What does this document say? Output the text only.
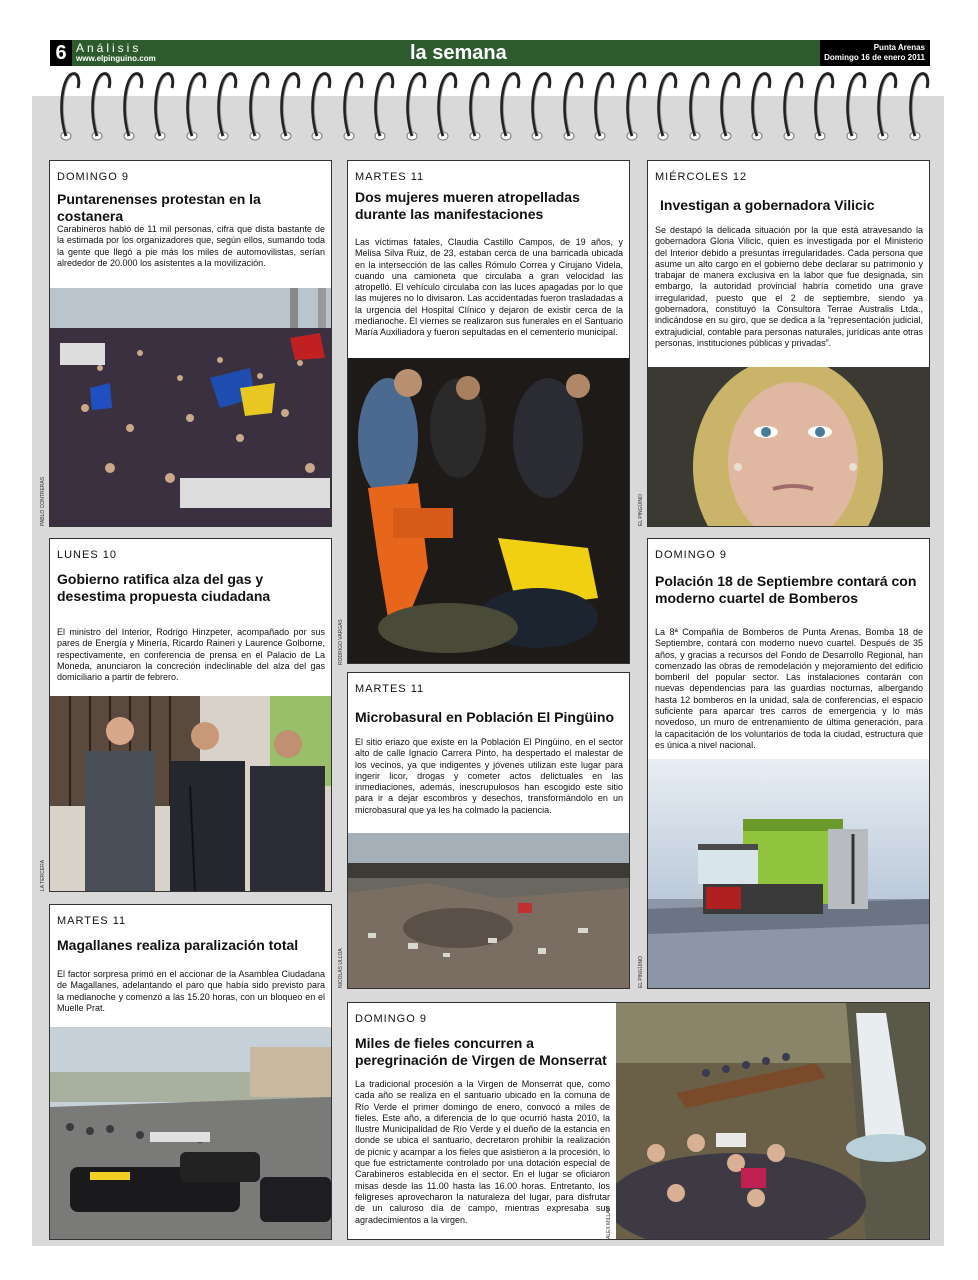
6 Análisis
www.elpinguino.com	la semana	Punta Arenas
Domingo 16 de enero 2011
DOMINGO 9
Puntarenenses protestan en la costanera
Carabineros habló de 11 mil personas, cifra que dista bastante de la estimada por los organizadores que, según ellos, sumando toda la gente que llegó a pie más los miles de automovilistas, serían alrededor de 20.000 los asistentes a la movilización.
PABLO CONTRERAS
MARTES 11
Dos mujeres mueren atropelladas durante las manifestaciones
Las víctimas fatales, Claudia Castillo Campos, de 19 años, y Melisa Silva Ruiz, de 23, estaban cerca de una barricada ubicada en la intersección de las calles Rómulo Correa y Cirujano Videla, cuando una camioneta que circulaba a gran velocidad las atropelló. El vehículo circulaba con las luces apagadas por lo que las mujeres no lo divisaron. Las accidentadas fueron trasladadas a la urgencia del Hospital Clínico y dejaron de existir cerca de la medianoche. El viernes se realizaron sus funerales en el Santuario María Auxiliadora y fueron sepultadas en el cementerio municipal.
RODRIGO VARGAS
MIÉRCOLES 12
Investigan a gobernadora Vilicic
Se destapó la delicada situación por la que está atravesando la gobernadora Gloria Vilicic, quien es investigada por el Ministerio del Interior debido a presuntas irregularidades. Cada persona que asume un alto cargo en el gobierno debe declarar su patrimonio y trabajar de manera exclusiva en la labor que fue designada, sin embargo, la autoridad provincial habría cometido una grave irregularidad, puesto que el 2 de septiembre, siendo ya gobernadora, constituyó la Consultora Terrae Australis Ltda., indicándose en su giro, que se dedica a la “representación judicial, extrajudicial, contable para personas naturales, jurídicas ante otras personas, instituciones públicas y privadas”.
EL PINGÜINO
LUNES 10
Gobierno ratifica alza del gas y desestima propuesta ciudadana
El ministro del Interior, Rodrigo Hinzpeter, acompañado por sus pares de Energía y Minería, Ricardo Raineri y Laurence Golborne, respectivamente, en conferencia de prensa en el Palacio de La Moneda, anunciaron la concreción indeclinable del alza del gas domiciliario a partir de febrero.
LA TERCERA
DOMINGO 9
Polación 18 de Septiembre contará con moderno cuartel de Bomberos
La 8ª Compañía de Bomberos de Punta Arenas, Bomba 18 de Septiembre, contará con moderno nuevo cuartel. Después de 35 años, y gracias a recursos del Fondo de Desarrollo Regional, han comenzado las obras de remodelación y mejoramiento del edificio bomberil del popular sector. Las instalaciones contarán con nuevas dependencias para las guardias nocturnas, albergando hasta 12 bomberos en la unidad, sala de conferencias, el espacio suficiente para aparcar tres carros de emergencia y lo más novedoso, un muro de entrenamiento de última generación, para la capacitación de los voluntarios de toda la ciudad, estructura que es única a nivel nacional.
EL PINGÜINO
MARTES 11
Microbasural en Población El Pingüino
El sitio eriazo que existe en la Población El Pingüino, en el sector alto de calle Ignacio Carrera Pinto, ha despertado el malestar de los vecinos, ya que indigentes y jóvenes utilizan este lugar para ingerir licor, drogas y cometer actos delictuales en las inmediaciones, además, inescrupulosos han escogido este sitio para ir a dejar escombros y desechos, transformándolo en un microbasural que ya les ha colmado la paciencia.
NICOLÁS ULLOA
MARTES 11
Magallanes realiza paralización total
El factor sorpresa primó en el accionar de la Asamblea Ciudadana de Magallanes, adelantando el paro que había sido previsto para la medianoche y comenzó a las 15.20 horas, con un bloqueo en el Muelle Prat.
DOMINGO 9
Miles de fieles concurren a peregrinación de Virgen de Monserrat
La tradicional procesión a la Virgen de Monserrat que, como cada año se realiza en el santuario ubicado en la comuna de Río Verde el primer domingo de enero, convocó a miles de fieles. Este año, a diferencia de lo que ocurrió hasta 2010, la Ilustre Municipalidad de Río Verde y el dueño de la estancia en donde se ubica el santuario, decretaron prohibir la realización de picnic y acampar a los fieles que asistieron a la procesión, lo que fue estrictamente controlado por una dotación especial de Carabineros establecida en el sector. En el lugar se oficiaron misas desde las 11.00 hasta las 16.00 horas. Entretanto, los feligreses aprovecharon la naturaleza del lugar, para disfrutar de un caluroso día de campo, mientras expresaba sus agradecimientos a la virgen.	ALEX MILLAO
